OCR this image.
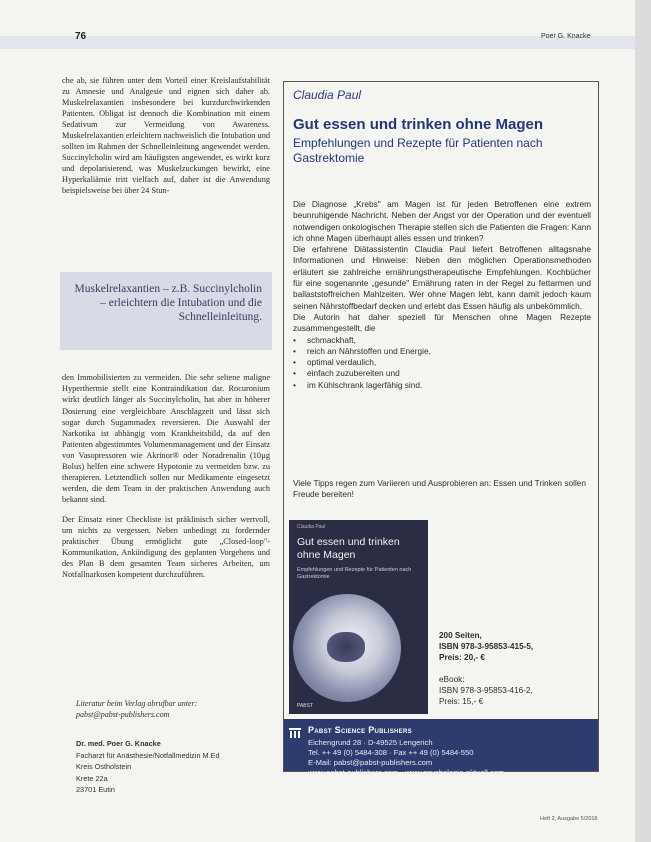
76	Poer G. Knacke

che ab, sie führen unter dem Vorteil einer Kreislaufstabilität zu Amnesie und Analgesie und eignen sich daher ab. Muskelrelaxantien insbesondere bei kurzdurchwirkenden Patienten. Obligat ist dennoch die Kombination mit einem Sedativum zur Vermeidung von Awareness. Muskelrelaxantien erleichtern nachweislich die Intubation und sollten im Rahmen der Schnelleinleitung angewendet werden. Succinylcholin wird am häufigsten angewendet, es wirkt kurz und depolarisierend, was Muskelzuckungen bewirkt, eine Hyperkaliämie tritt vielfach auf, daher ist die Anwendung beispielsweise bei über 24 Stun-

Muskelrelaxantien – z.B. Succinylcholin – erleichtern die Intubation und die Schnelleinleitung.

den Immobilisierten zu vermeiden. Die sehr seltene maligne Hyperthermie stellt eine Kontraindikation dar. Rocuronium wirkt deutlich länger als Succinylcholin, hat aber in höherer Dosierung eine vergleichbare Anschlagzeit und lässt sich sogar durch Sugammadex reversieren. Die Auswahl der Narkotika ist abhängig vom Krankheitsbild, da auf den Patienten abgestimmtes Volumenmanagement und der Einsatz von Vasopressoren wie Akrinor® oder Noradrenalin (10µg Bolus) helfen eine schwere Hypotonie zu vermeiden bzw. zu therapieren. Letztendlich sollen nur Medikamente eingesetzt werden, die dem Team in der praktischen Anwendung auch bekannt sind.

Der Einsatz einer Checkliste ist präklinisch sicher wertvoll, um nichts zu vergessen. Neben unbedingt zu fordernder praktischer Übung ermöglicht gute „Closed-loop"-Kommunikation, Ankündigung des geplanten Vorgehens und des Plan B dem gesamten Team sicheres Arbeiten, um Notfallnarkosen kompetent durchzuführen.

Literatur beim Verlag abrufbar unter:
pabst@pabst-publishers.com
Dr. med. Poer G. Knacke
Facharzt für Anästhesie/Notfallmedizin M.Ed
Kreis Ostholstein
Krete 22a
23701 Eutin
Claudia Paul
Gut essen und trinken ohne Magen
Empfehlungen und Rezepte für Patienten nach Gastrektomie

Die Diagnose „Krebs" am Magen ist für jeden Betroffenen eine extrem beunruhigende Nachricht. Neben der Angst vor der Operation und der eventuell notwendigen onkologischen Therapie stellen sich die Patienten die Fragen: Kann ich ohne Magen überhaupt alles essen und trinken?

Die erfahrene Diätassistentin Claudia Paul liefert Betroffenen alltagsnahe Informationen und Hinweise: Neben den möglichen Operationsmethoden erläutert sie zahlreiche ernährungstherapeutische Empfehlungen. Kochbücher für eine sogenannte „gesunde" Ernährung raten in der Regel zu fettarmen und ballaststoffreichen Mahlzeiten. Wer ohne Magen lebt, kann damit jedoch kaum seinen Nährstoffbedarf decken und erlebt das Essen häufig als unbekömmlich.

Die Autorin hat daher speziell für Menschen ohne Magen Rezepte zusammengestellt, die

• schmackhaft,
• reich an Nährstoffen und Energie,
• optimal verdaulich,
• einfach zuzubereiten und
• im Kühlschrank lagerfähig sind.
Viele Tipps regen zum Variieren und Ausprobieren an: Essen und Trinken sollen Freude bereiten!
Claudia Paul
Gut essen und trinken ohne Magen
Empfehlungen und Rezepte für Patienten nach Gastrektomie
PABST

200 Seiten,

ISBN 978-3-95853-415-5,

Preis: 20,- €

eBook:

ISBN 978-3-95853-416-2,

Preis: 15,- €

Pabst Science Publishers
Eichengrund 28 · D-49525 Lengerich
Tel. ++ 49 (0) 5484-308 · Fax ++ 49 (0) 5484-550
E-Mail: pabst@pabst-publishers.com
www.pabst-publishers.com · www.psychologie-aktuell.com
Heft 2, Ausgabe 5/2018
